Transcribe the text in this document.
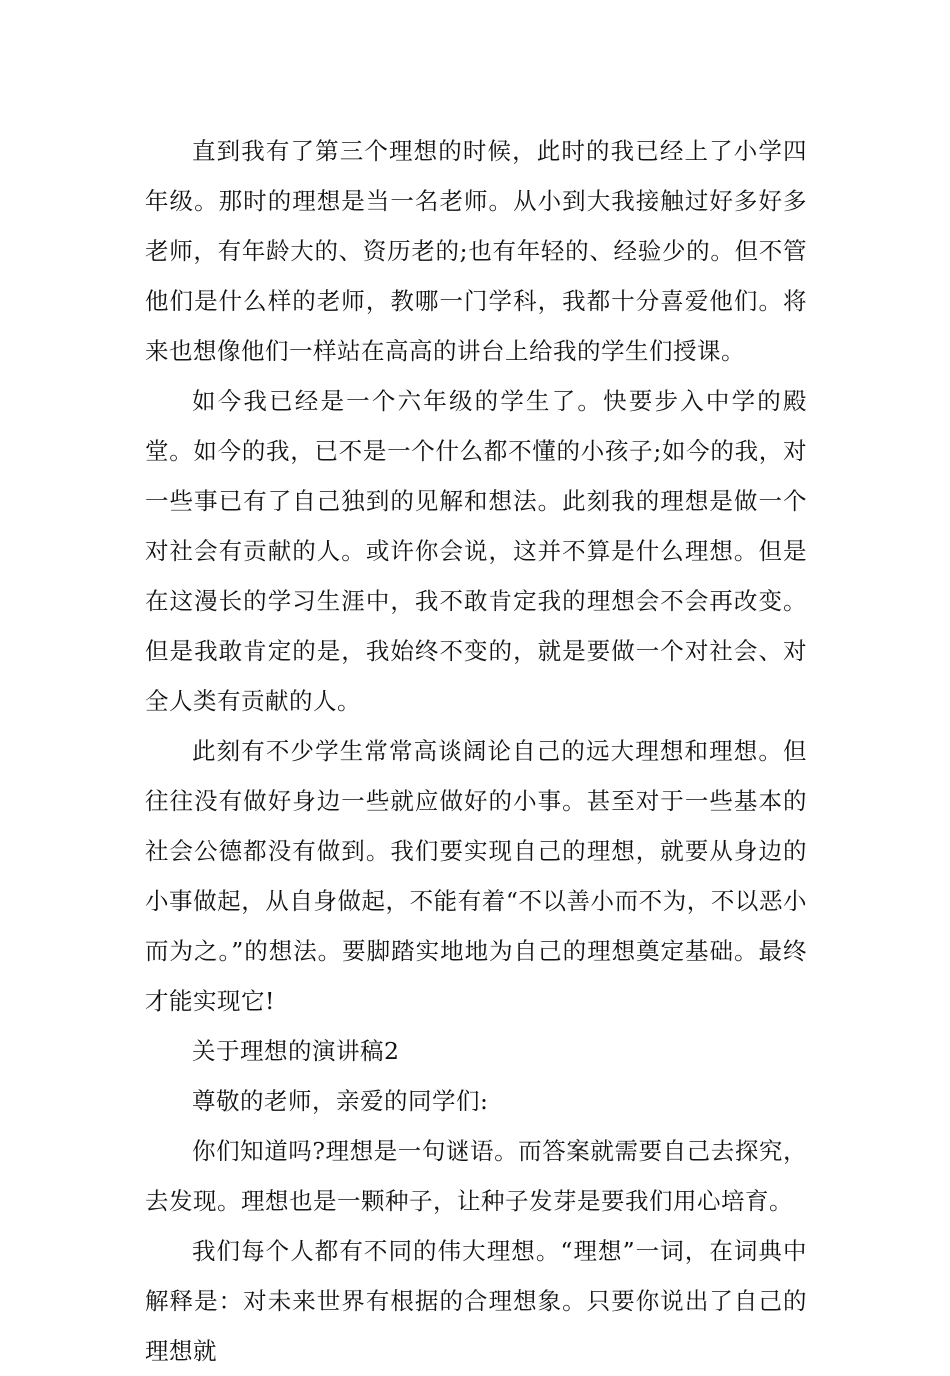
直到我有了第三个理想的时候，此时的我已经上了小学四年级。那时的理想是当一名老师。从小到大我接触过好多好多老师，有年龄大的、资历老的;也有年轻的、经验少的。但不管他们是什么样的老师，教哪一门学科，我都十分喜爱他们。将来也想像他们一样站在高高的讲台上给我的学生们授课。

如今我已经是一个六年级的学生了。快要步入中学的殿堂。如今的我，已不是一个什么都不懂的小孩子;如今的我，对一些事已有了自己独到的见解和想法。此刻我的理想是做一个对社会有贡献的人。或许你会说，这并不算是什么理想。但是在这漫长的学习生涯中，我不敢肯定我的理想会不会再改变。但是我敢肯定的是，我始终不变的，就是要做一个对社会、对全人类有贡献的人。

此刻有不少学生常常高谈阔论自己的远大理想和理想。但往往没有做好身边一些就应做好的小事。甚至对于一些基本的社会公德都没有做到。我们要实现自己的理想，就要从身边的小事做起，从自身做起，不能有着“不以善小而不为，不以恶小而为之。”的想法。要脚踏实地地为自己的理想奠定基础。最终才能实现它!

关于理想的演讲稿2

尊敬的老师，亲爱的同学们:

你们知道吗?理想是一句谜语。而答案就需要自己去探究，去发现。理想也是一颗种子，让种子发芽是要我们用心培育。

我们每个人都有不同的伟大理想。“理想”一词，在词典中解释是：对未来世界有根据的合理想象。只要你说出了自己的理想就
